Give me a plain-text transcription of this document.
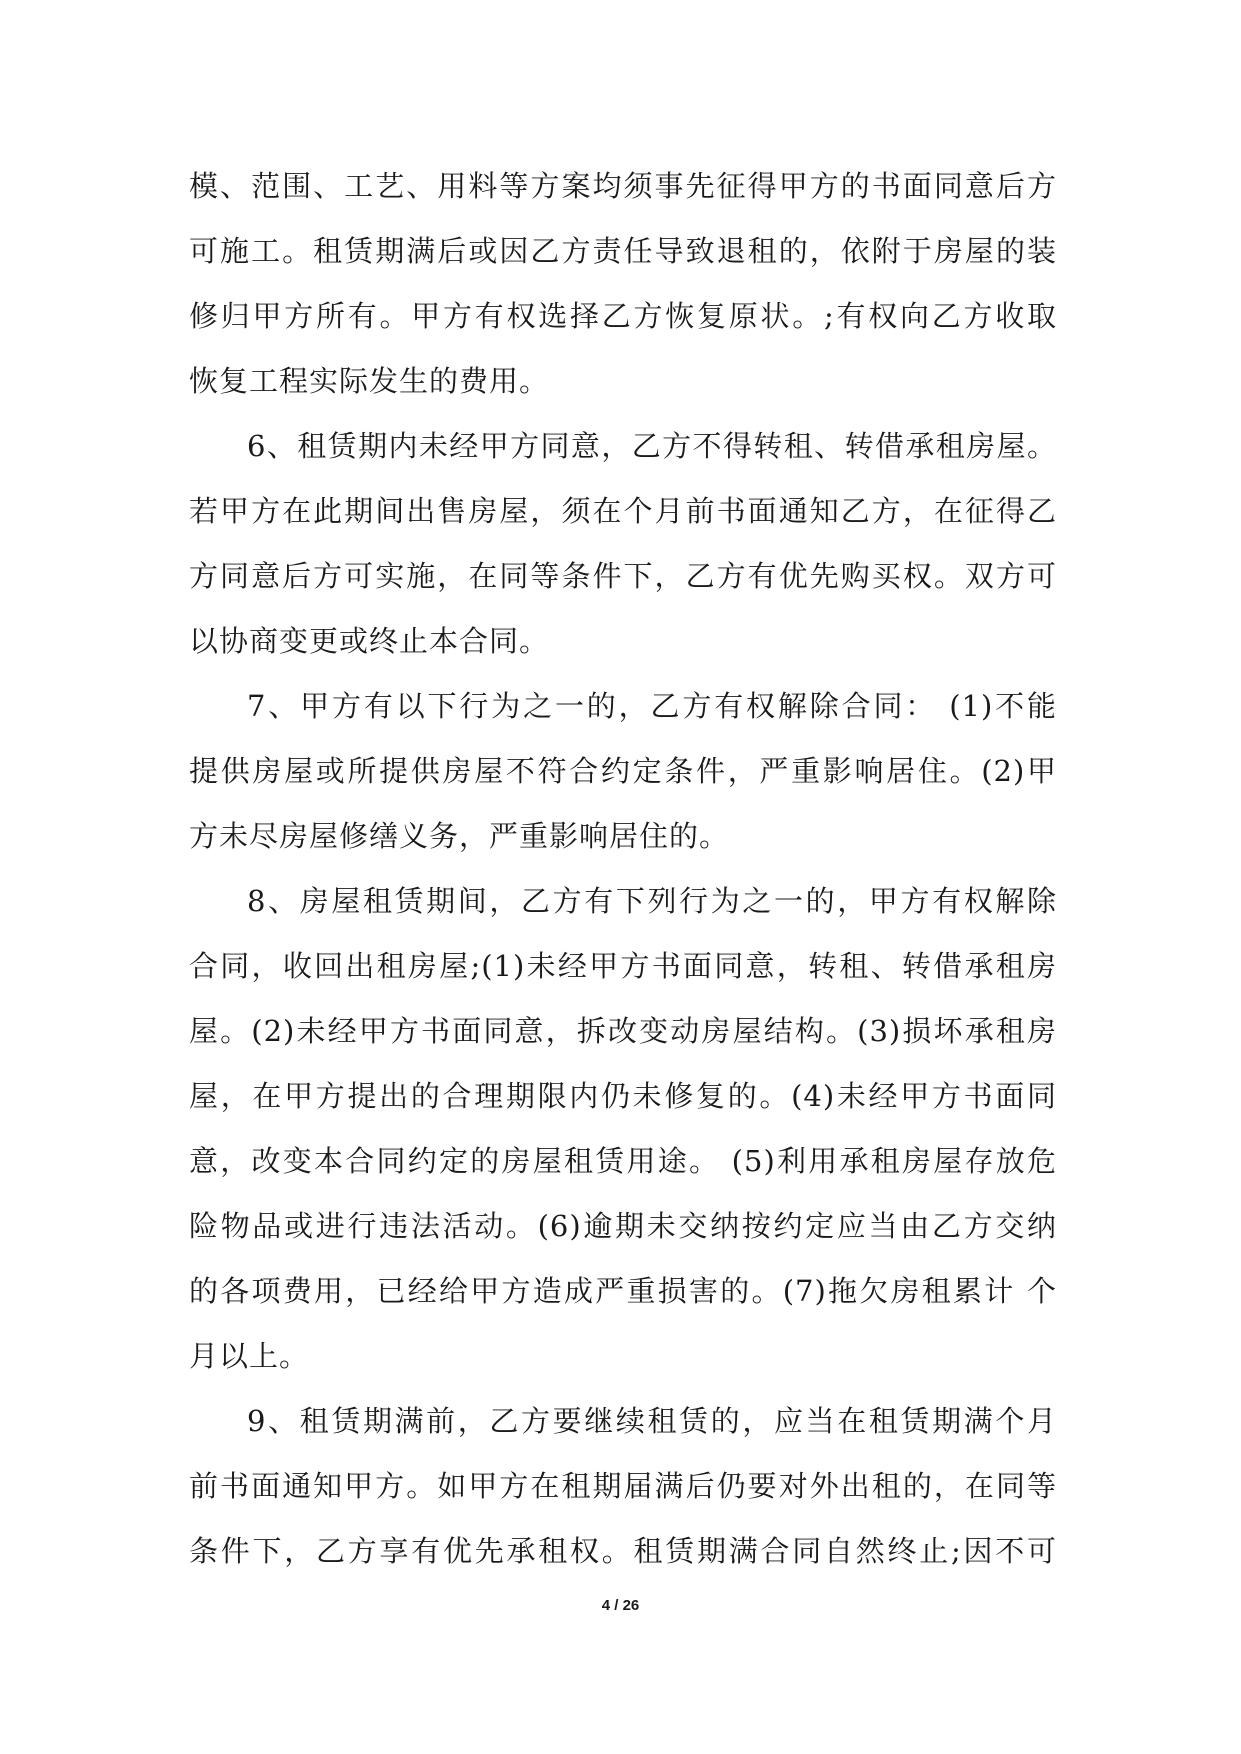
模、范围、工艺、用料等方案均须事先征得甲方的书面同意后方
可施工。租赁期满后或因乙方责任导致退租的，依附于房屋的装
修归甲方所有。甲方有权选择乙方恢复原状。;有权向乙方收取
恢复工程实际发生的费用。
6、租赁期内未经甲方同意，乙方不得转租、转借承租房屋。
若甲方在此期间出售房屋，须在个月前书面通知乙方，在征得乙
方同意后方可实施，在同等条件下，乙方有优先购买权。双方可
以协商变更或终止本合同。
7、甲方有以下行为之一的，乙方有权解除合同： (1)不能
提供房屋或所提供房屋不符合约定条件，严重影响居住。(2)甲
方未尽房屋修缮义务，严重影响居住的。
8、房屋租赁期间，乙方有下列行为之一的，甲方有权解除
合同，收回出租房屋;(1)未经甲方书面同意，转租、转借承租房
屋。(2)未经甲方书面同意，拆改变动房屋结构。(3)损坏承租房
屋，在甲方提出的合理期限内仍未修复的。(4)未经甲方书面同
意，改变本合同约定的房屋租赁用途。 (5)利用承租房屋存放危
险物品或进行违法活动。(6)逾期未交纳按约定应当由乙方交纳
的各项费用，已经给甲方造成严重损害的。(7)拖欠房租累计 个
月以上。
9、租赁期满前，乙方要继续租赁的，应当在租赁期满个月
前书面通知甲方。如甲方在租期届满后仍要对外出租的，在同等
条件下，乙方享有优先承租权。租赁期满合同自然终止;因不可
4 / 26
